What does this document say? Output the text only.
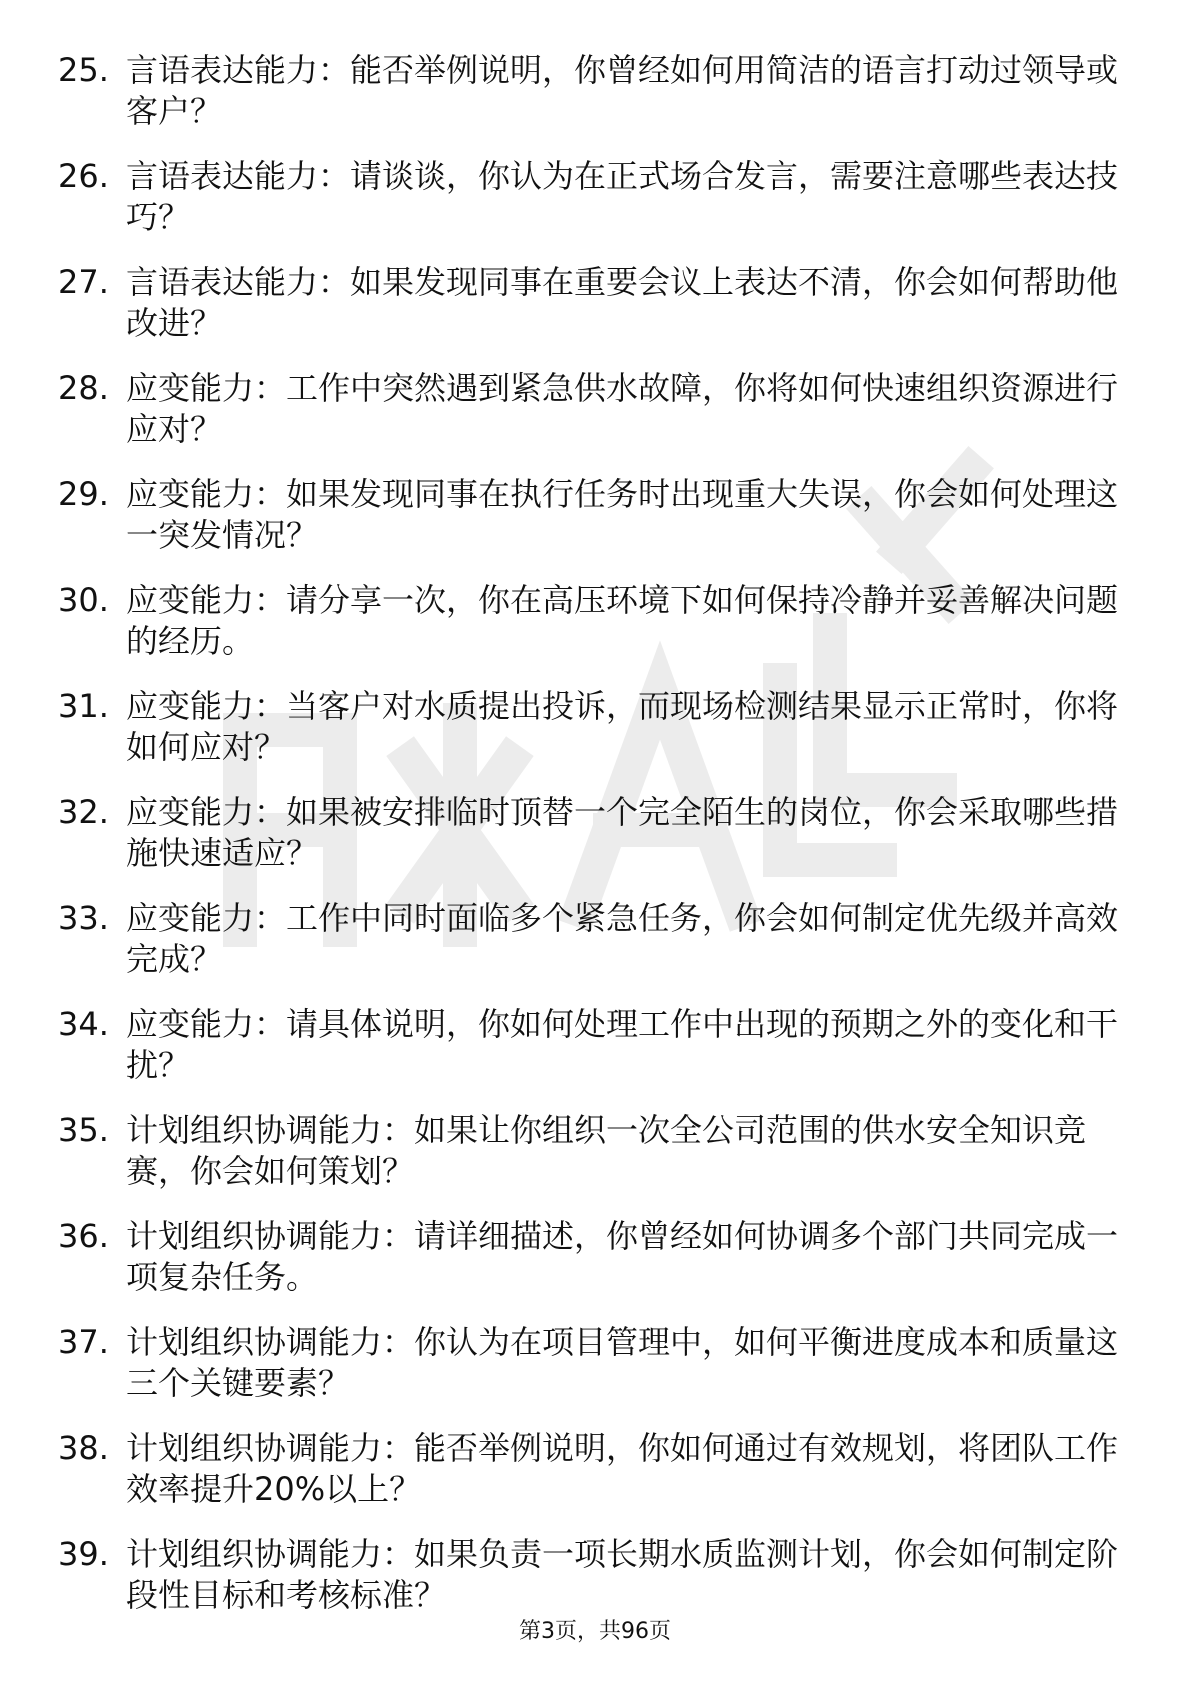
25. 言语表达能力：能否举例说明，你曾经如何用简洁的语言打动过领导或客户？
26. 言语表达能力：请谈谈，你认为在正式场合发言，需要注意哪些表达技巧？
27. 言语表达能力：如果发现同事在重要会议上表达不清，你会如何帮助他改进？
28. 应变能力：工作中突然遇到紧急供水故障，你将如何快速组织资源进行应对？
29. 应变能力：如果发现同事在执行任务时出现重大失误，你会如何处理这一突发情况？
30. 应变能力：请分享一次，你在高压环境下如何保持冷静并妥善解决问题的经历。
31. 应变能力：当客户对水质提出投诉，而现场检测结果显示正常时，你将如何应对？
32. 应变能力：如果被安排临时顶替一个完全陌生的岗位，你会采取哪些措施快速适应？
33. 应变能力：工作中同时面临多个紧急任务，你会如何制定优先级并高效完成？
34. 应变能力：请具体说明，你如何处理工作中出现的预期之外的变化和干扰？
35. 计划组织协调能力：如果让你组织一次全公司范围的供水安全知识竞赛，你会如何策划？
36. 计划组织协调能力：请详细描述，你曾经如何协调多个部门共同完成一项复杂任务。
37. 计划组织协调能力：你认为在项目管理中，如何平衡进度成本和质量这三个关键要素？
38. 计划组织协调能力：能否举例说明，你如何通过有效规划，将团队工作效率提升20%以上？
39. 计划组织协调能力：如果负责一项长期水质监测计划，你会如何制定阶段性目标和考核标准？
第3页，共96页
